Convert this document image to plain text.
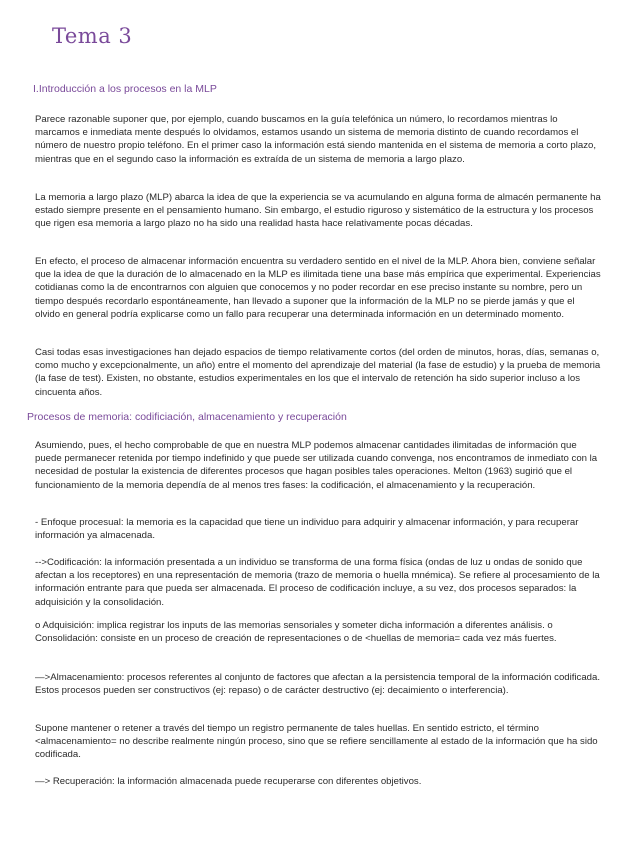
Tema 3
I.Introducción a los procesos en la MLP

Parece razonable suponer que, por ejemplo, cuando buscamos en la guía telefónica un número, lo recordamos mientras lo marcamos e inmediata mente después lo olvidamos, estamos usando un sistema de memoria distinto de cuando recordamos el número de nuestro propio teléfono. En el primer caso la información está siendo mantenida en el sistema de memoria a corto plazo, mientras que en el segundo caso la información es extraída de un sistema de memoria a largo plazo.

La memoria a largo plazo (MLP) abarca la idea de que la experiencia se va acumulando en alguna forma de almacén permanente ha estado siempre presente en el pensamiento humano. Sin embargo, el estudio riguroso y sistemático de la estructura y los procesos que rigen esa memoria a largo plazo no ha sido una realidad hasta hace relativamente pocas décadas.

En efecto, el proceso de almacenar información encuentra su verdadero sentido en el nivel de la MLP. Ahora bien, conviene señalar que la idea de que la duración de lo almacenado en la MLP es ilimitada tiene una base más empírica que experimental. Experiencias cotidianas como la de encontrarnos con alguien que conocemos y no poder recordar en ese preciso instante su nombre, pero un tiempo después recordarlo espontáneamente, han llevado a suponer que la información de la MLP no se pierde jamás y que el olvido en general podría explicarse como un fallo para recuperar una determinada información en un determinado momento.

Casi todas esas investigaciones han dejado espacios de tiempo relativamente cortos (del orden de minutos, horas, días, semanas o, como mucho y excepcionalmente, un año) entre el momento del aprendizaje del material (la fase de estudio) y la prueba de memoria (la fase de test). Existen, no obstante, estudios experimentales en los que el intervalo de retención ha sido superior incluso a los cincuenta años.

Procesos de memoria: codificiación, almacenamiento y recuperación

Asumiendo, pues, el hecho comprobable de que en nuestra MLP podemos almacenar cantidades ilimitadas de información que puede permanecer retenida por tiempo indefinido y que puede ser utilizada cuando convenga, nos encontramos de inmediato con la necesidad de postular la existencia de diferentes procesos que hagan posibles tales operaciones. Melton (1963) sugirió que el funcionamiento de la memoria dependía de al menos tres fases: la codificación, el almacenamiento y la recuperación.

- Enfoque procesual: la memoria es la capacidad que tiene un individuo para adquirir y almacenar información, y para recuperar información ya almacenada.

-->Codificación: la información presentada a un individuo se transforma de una forma física (ondas de luz u ondas de sonido que afectan a los receptores) en una representación de memoria (trazo de memoria o huella mnémica). Se refiere al procesamiento de la información entrante para que pueda ser almacenada. El proceso de codificación incluye, a su vez, dos procesos separados: la adquisición y la consolidación.

o Adquisición: implica registrar los inputs de las memorias sensoriales y someter dicha información a diferentes análisis. o Consolidación: consiste en un proceso de creación de representaciones o de <huellas de memoria= cada vez más fuertes.

—>Almacenamiento: procesos referentes al conjunto de factores que afectan a la persistencia temporal de la información codificada. Estos procesos pueden ser constructivos (ej: repaso) o de carácter destructivo (ej: decaimiento o interferencia).

Supone mantener o retener a través del tiempo un registro permanente de tales huellas. En sentido estricto, el término <almacenamiento= no describe realmente ningún proceso, sino que se refiere sencillamente al estado de la información que ha sido codificada.

—> Recuperación: la información almacenada puede recuperarse con diferentes objetivos.
